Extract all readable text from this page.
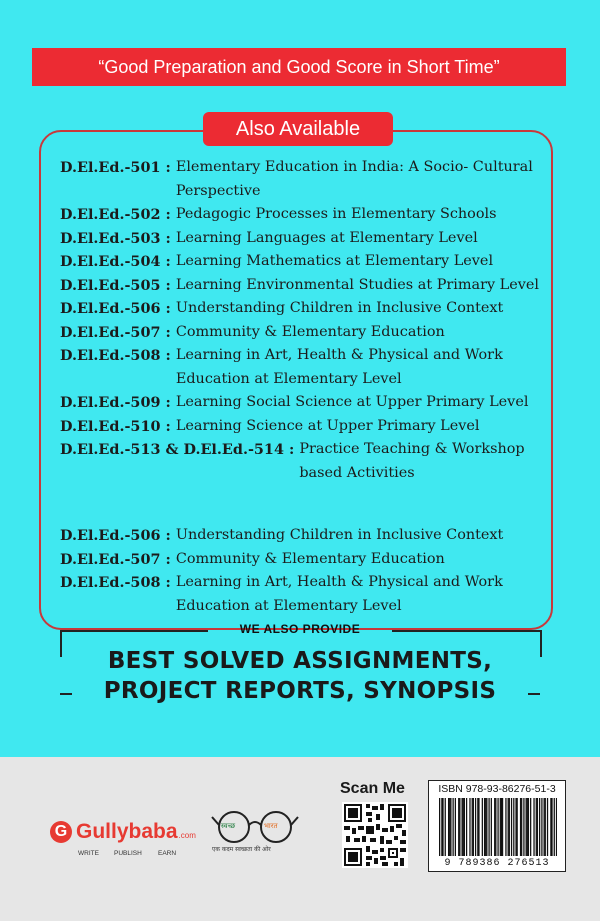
“Good Preparation and Good Score in Short Time”
Also Available
D.El.Ed.-501 : Elementary Education in India: A Socio- Cultural
Perspective
D.El.Ed.-502 : Pedagogic Processes in Elementary Schools
D.El.Ed.-503 : Learning Languages at Elementary Level
D.El.Ed.-504 : Learning Mathematics at Elementary Level
D.El.Ed.-505 : Learning Environmental Studies at Primary Level
D.El.Ed.-506 : Understanding Children in Inclusive Context
D.El.Ed.-507 : Community & Elementary Education
D.El.Ed.-508 : Learning in Art, Health & Physical and Work
Education at Elementary Level
D.El.Ed.-509 : Learning Social Science at Upper Primary Level
D.El.Ed.-510 : Learning Science at Upper Primary Level
D.El.Ed.-513 & D.El.Ed.-514 : Practice Teaching & Workshop
based Activities
D.El.Ed.-506 : Understanding Children in Inclusive Context
D.El.Ed.-507 : Community & Elementary Education
D.El.Ed.-508 : Learning in Art, Health & Physical and Work
Education at Elementary Level
WE ALSO PROVIDE
BEST SOLVED ASSIGNMENTS,
PROJECT REPORTS, SYNOPSIS
G Gullybaba .com
WRITE PUBLISH EARN
स्वच्छ	भारत
एक कदम स्वच्छता की ओर
Scan Me	ISBN 978-93-86276-51-3
9 789386 276513
